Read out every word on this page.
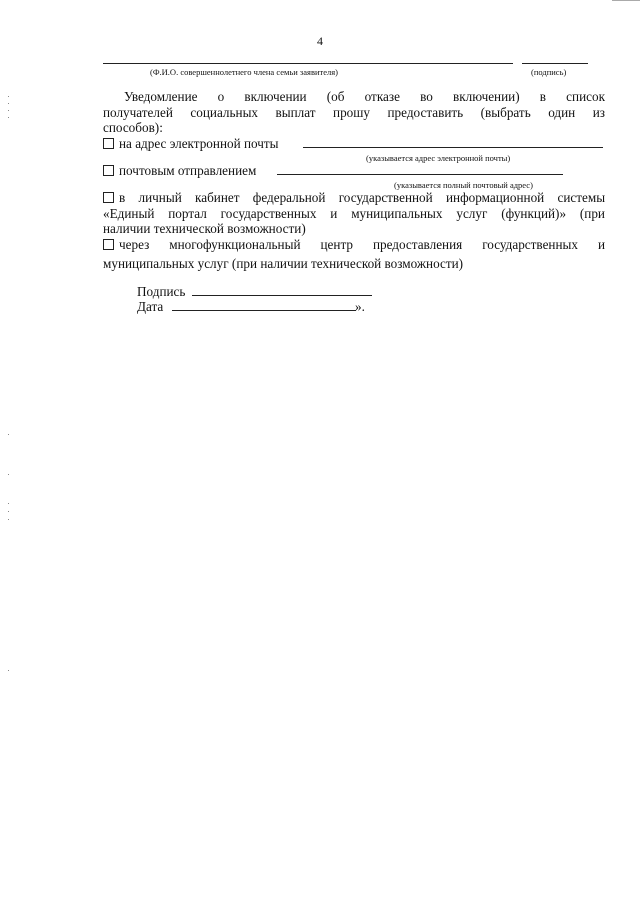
4
(Ф.И.О. совершеннолетнего члена семьи заявителя)	(подпись)
Уведомление о включении (об отказе во включении) в список
получателей социальных выплат прошу предоставить (выбрать один из
способов):
на адрес электронной почты
(указывается адрес электронной почты)
почтовым отправлением
(указывается полный почтовый адрес)
в личный кабинет федеральной государственной информационной системы
«Единый портал государственных и муниципальных услуг (функций)» (при
наличии технической возможности)
через многофункциональный центр предоставления государственных и
муниципальных услуг (при наличии технической возможности)
Подпись
Дата	».
